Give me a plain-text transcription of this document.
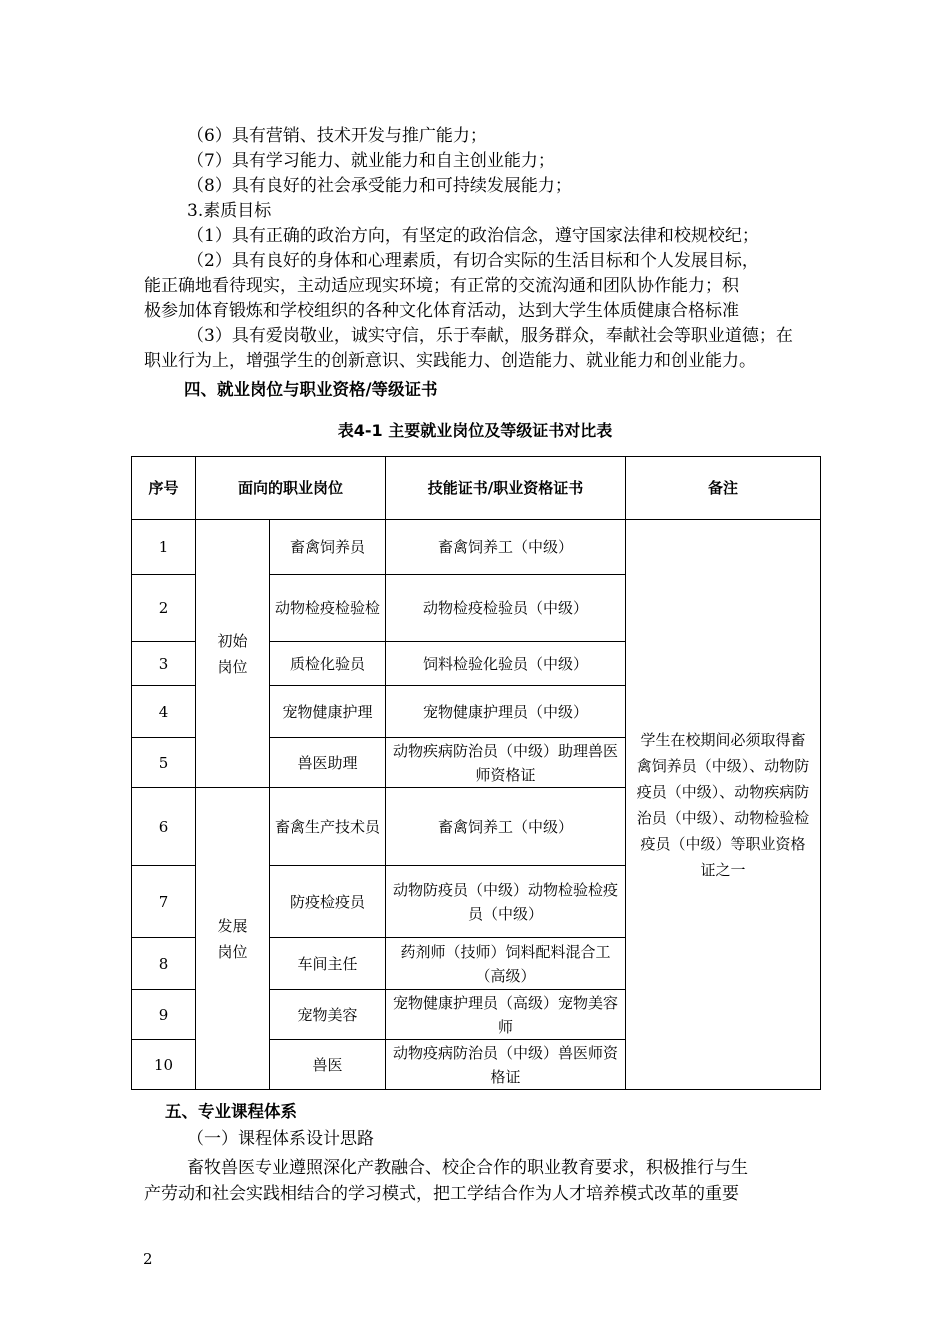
（6）具有营销、技术开发与推广能力；
（7）具有学习能力、就业能力和自主创业能力；
（8）具有良好的社会承受能力和可持续发展能力；
3.素质目标
（1）具有正确的政治方向，有坚定的政治信念，遵守国家法律和校规校纪；
（2）具有良好的身体和心理素质，有切合实际的生活目标和个人发展目标，
能正确地看待现实，主动适应现实环境；有正常的交流沟通和团队协作能力；积
极参加体育锻炼和学校组织的各种文化体育活动，达到大学生体质健康合格标准
（3）具有爱岗敬业，诚实守信，乐于奉献，服务群众，奉献社会等职业道德；在
职业行为上，增强学生的创新意识、实践能力、创造能力、就业能力和创业能力。
四、就业岗位与职业资格/等级证书
表4-1 主要就业岗位及等级证书对比表
序号	面向的职业岗位		技能证书/职业资格证书	备注
1	初始岗位	畜禽饲养员	畜禽饲养工（中级）	学生在校期间必须取得畜禽饲养员（中级）、动物防疫员（中级）、动物疾病防治员（中级）、动物检验检疫员（中级）等职业资格证之一
2		动物检疫检验检	动物检疫检验员（中级）	
3		质检化验员	饲料检验化验员（中级）	
4		宠物健康护理	宠物健康护理员（中级）	
5		兽医助理	动物疾病防治员（中级）助理兽医师资格证	
6	发展岗位	畜禽生产技术员	畜禽饲养工（中级）	
7		防疫检疫员	动物防疫员（中级）动物检验检疫员（中级）	
8		车间主任	药剂师（技师）饲料配料混合工（高级）	
9		宠物美容	宠物健康护理员（高级）宠物美容师	
10		兽医	动物疫病防治员（中级）兽医师资格证	
五、专业课程体系
（一）课程体系设计思路
畜牧兽医专业遵照深化产教融合、校企合作的职业教育要求，积极推行与生
产劳动和社会实践相结合的学习模式，把工学结合作为人才培养模式改革的重要
2
